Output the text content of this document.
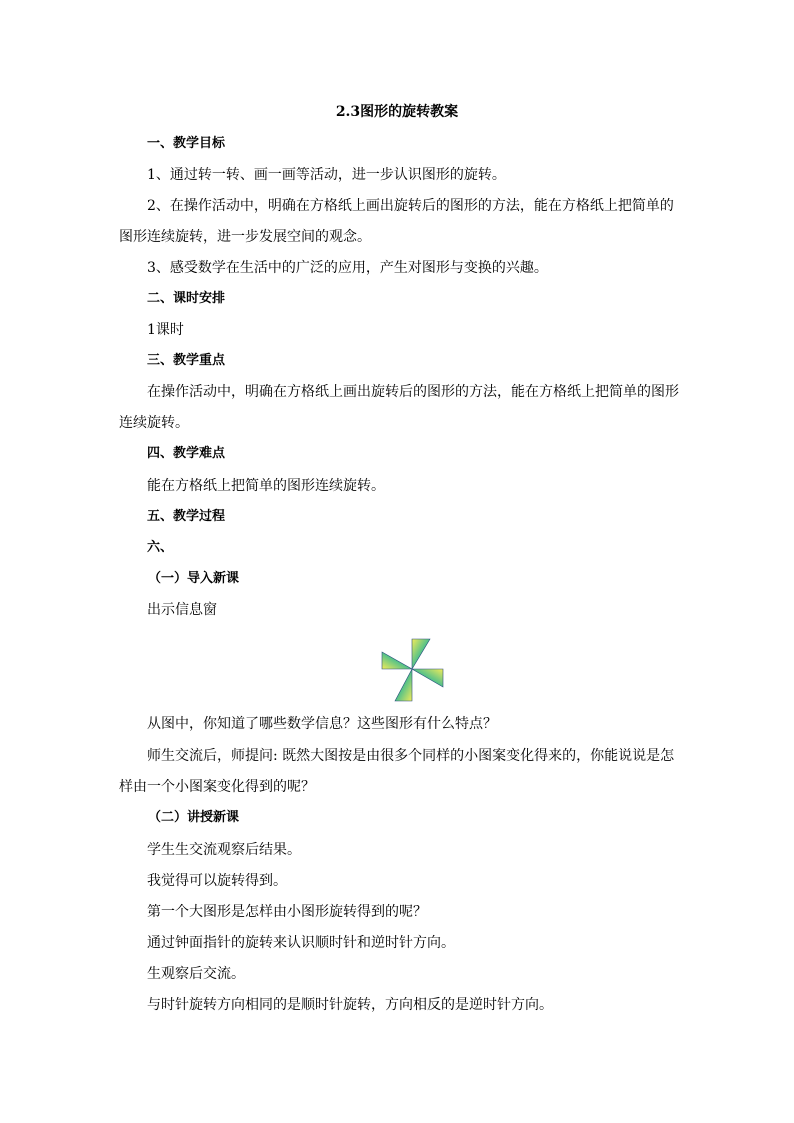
2.3图形的旋转教案
一、教学目标
1、通过转一转、画一画等活动，进一步认识图形的旋转。
2、在操作活动中，明确在方格纸上画出旋转后的图形的方法，能在方格纸上把简单的
图形连续旋转，进一步发展空间的观念。
3、感受数学在生活中的广泛的应用，产生对图形与变换的兴趣。
二、课时安排
1课时
三、教学重点
在操作活动中，明确在方格纸上画出旋转后的图形的方法，能在方格纸上把简单的图形
连续旋转。
四、教学难点
能在方格纸上把简单的图形连续旋转。
五、教学过程
六、
（一）导入新课
出示信息窗
从图中，你知道了哪些数学信息？这些图形有什么特点？
师生交流后，师提问: 既然大图按是由很多个同样的小图案变化得来的，你能说说是怎
样由一个小图案变化得到的呢？
（二）讲授新课
学生生交流观察后结果。
我觉得可以旋转得到。
第一个大图形是怎样由小图形旋转得到的呢？
通过钟面指针的旋转来认识顺时针和逆时针方向。
生观察后交流。
与时针旋转方向相同的是顺时针旋转，方向相反的是逆时针方向。
